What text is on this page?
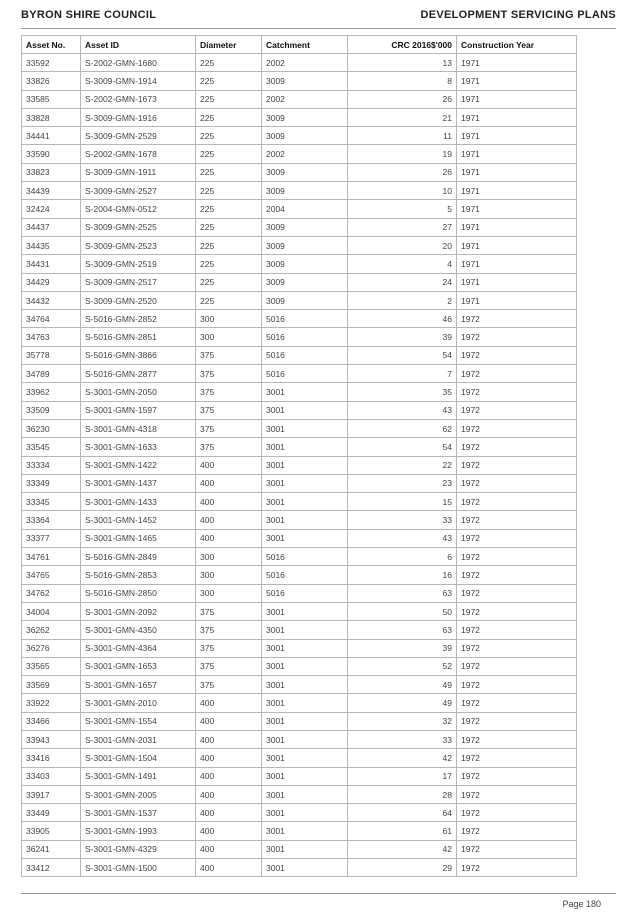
BYRON SHIRE COUNCIL	DEVELOPMENT SERVICING PLANS
Asset No.	Asset ID	Diameter	Catchment	CRC 2016$'000	Construction Year
33592	S-2002-GMN-1680	225	2002	13	1971
33826	S-3009-GMN-1914	225	3009	8	1971
33585	S-2002-GMN-1673	225	2002	26	1971
33828	S-3009-GMN-1916	225	3009	21	1971
34441	S-3009-GMN-2529	225	3009	11	1971
33590	S-2002-GMN-1678	225	2002	19	1971
33823	S-3009-GMN-1911	225	3009	26	1971
34439	S-3009-GMN-2527	225	3009	10	1971
32424	S-2004-GMN-0512	225	2004	5	1971
34437	S-3009-GMN-2525	225	3009	27	1971
34435	S-3009-GMN-2523	225	3009	20	1971
34431	S-3009-GMN-2519	225	3009	4	1971
34429	S-3009-GMN-2517	225	3009	24	1971
34432	S-3009-GMN-2520	225	3009	2	1971
34764	S-5016-GMN-2852	300	5016	46	1972
34763	S-5016-GMN-2851	300	5016	39	1972
35778	S-5016-GMN-3866	375	5016	54	1972
34789	S-5016-GMN-2877	375	5016	7	1972
33962	S-3001-GMN-2050	375	3001	35	1972
33509	S-3001-GMN-1597	375	3001	43	1972
36230	S-3001-GMN-4318	375	3001	62	1972
33545	S-3001-GMN-1633	375	3001	54	1972
33334	S-3001-GMN-1422	400	3001	22	1972
33349	S-3001-GMN-1437	400	3001	23	1972
33345	S-3001-GMN-1433	400	3001	15	1972
33364	S-3001-GMN-1452	400	3001	33	1972
33377	S-3001-GMN-1465	400	3001	43	1972
34761	S-5016-GMN-2849	300	5016	6	1972
34765	S-5016-GMN-2853	300	5016	16	1972
34762	S-5016-GMN-2850	300	5016	63	1972
34004	S-3001-GMN-2092	375	3001	50	1972
36262	S-3001-GMN-4350	375	3001	63	1972
36276	S-3001-GMN-4364	375	3001	39	1972
33565	S-3001-GMN-1653	375	3001	52	1972
33569	S-3001-GMN-1657	375	3001	49	1972
33922	S-3001-GMN-2010	400	3001	49	1972
33466	S-3001-GMN-1554	400	3001	32	1972
33943	S-3001-GMN-2031	400	3001	33	1972
33416	S-3001-GMN-1504	400	3001	42	1972
33403	S-3001-GMN-1491	400	3001	17	1972
33917	S-3001-GMN-2005	400	3001	28	1972
33449	S-3001-GMN-1537	400	3001	64	1972
33905	S-3001-GMN-1993	400	3001	61	1972
36241	S-3001-GMN-4329	400	3001	42	1972
33412	S-3001-GMN-1500	400	3001	29	1972
Page 180
